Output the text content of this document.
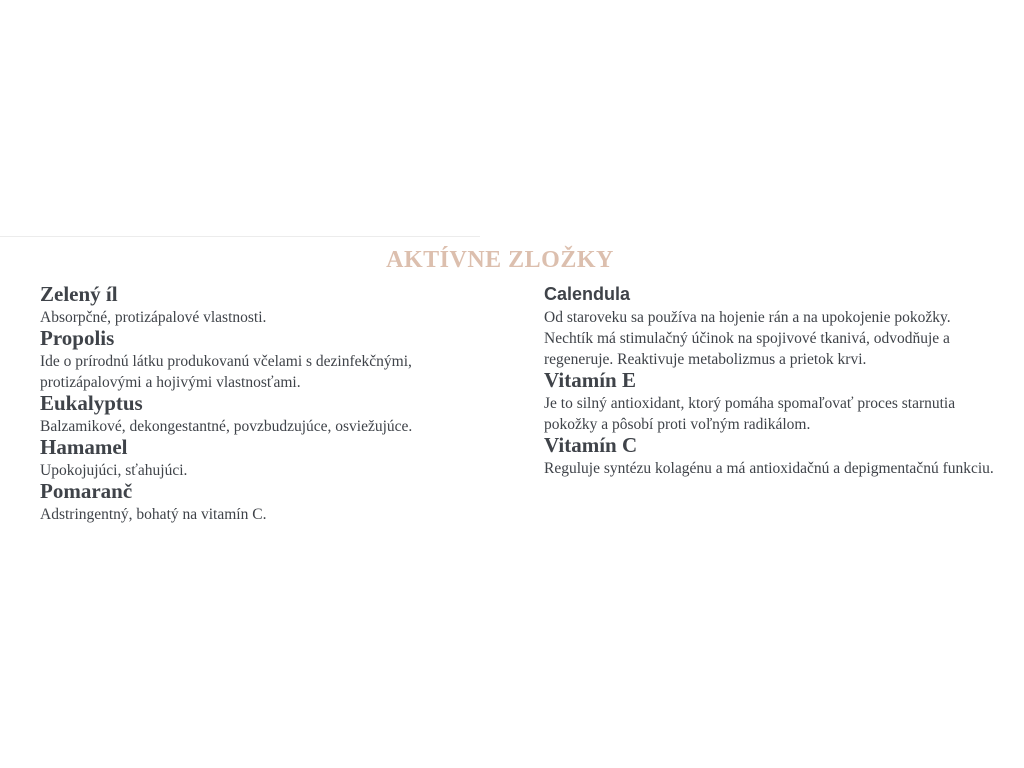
AKTÍVNE ZLOŽKY
Zelený íl

Absorpčné, protizápalové vlastnosti.

Propolis

Ide o prírodnú látku produkovanú včelami s dezinfekčnými, protizápalovými a hojivými vlastnosťami.

Eukalyptus

Balzamikové, dekongestantné, povzbudzujúce, osviežujúce.

Hamamel

Upokojujúci, sťahujúci.

Pomaranč

Adstringentný, bohatý na vitamín C.

Calendula

Od staroveku sa používa na hojenie rán a na upokojenie pokožky. Nechtík má stimulačný účinok na spojivové tkanivá, odvodňuje a regeneruje. Reaktivuje metabolizmus a prietok krvi.

Vitamín E

Je to silný antioxidant, ktorý pomáha spomaľovať proces starnutia pokožky a pôsobí proti voľným radikálom.

Vitamín C

Reguluje syntézu kolagénu a má antioxidačnú a depigmentačnú funkciu.
